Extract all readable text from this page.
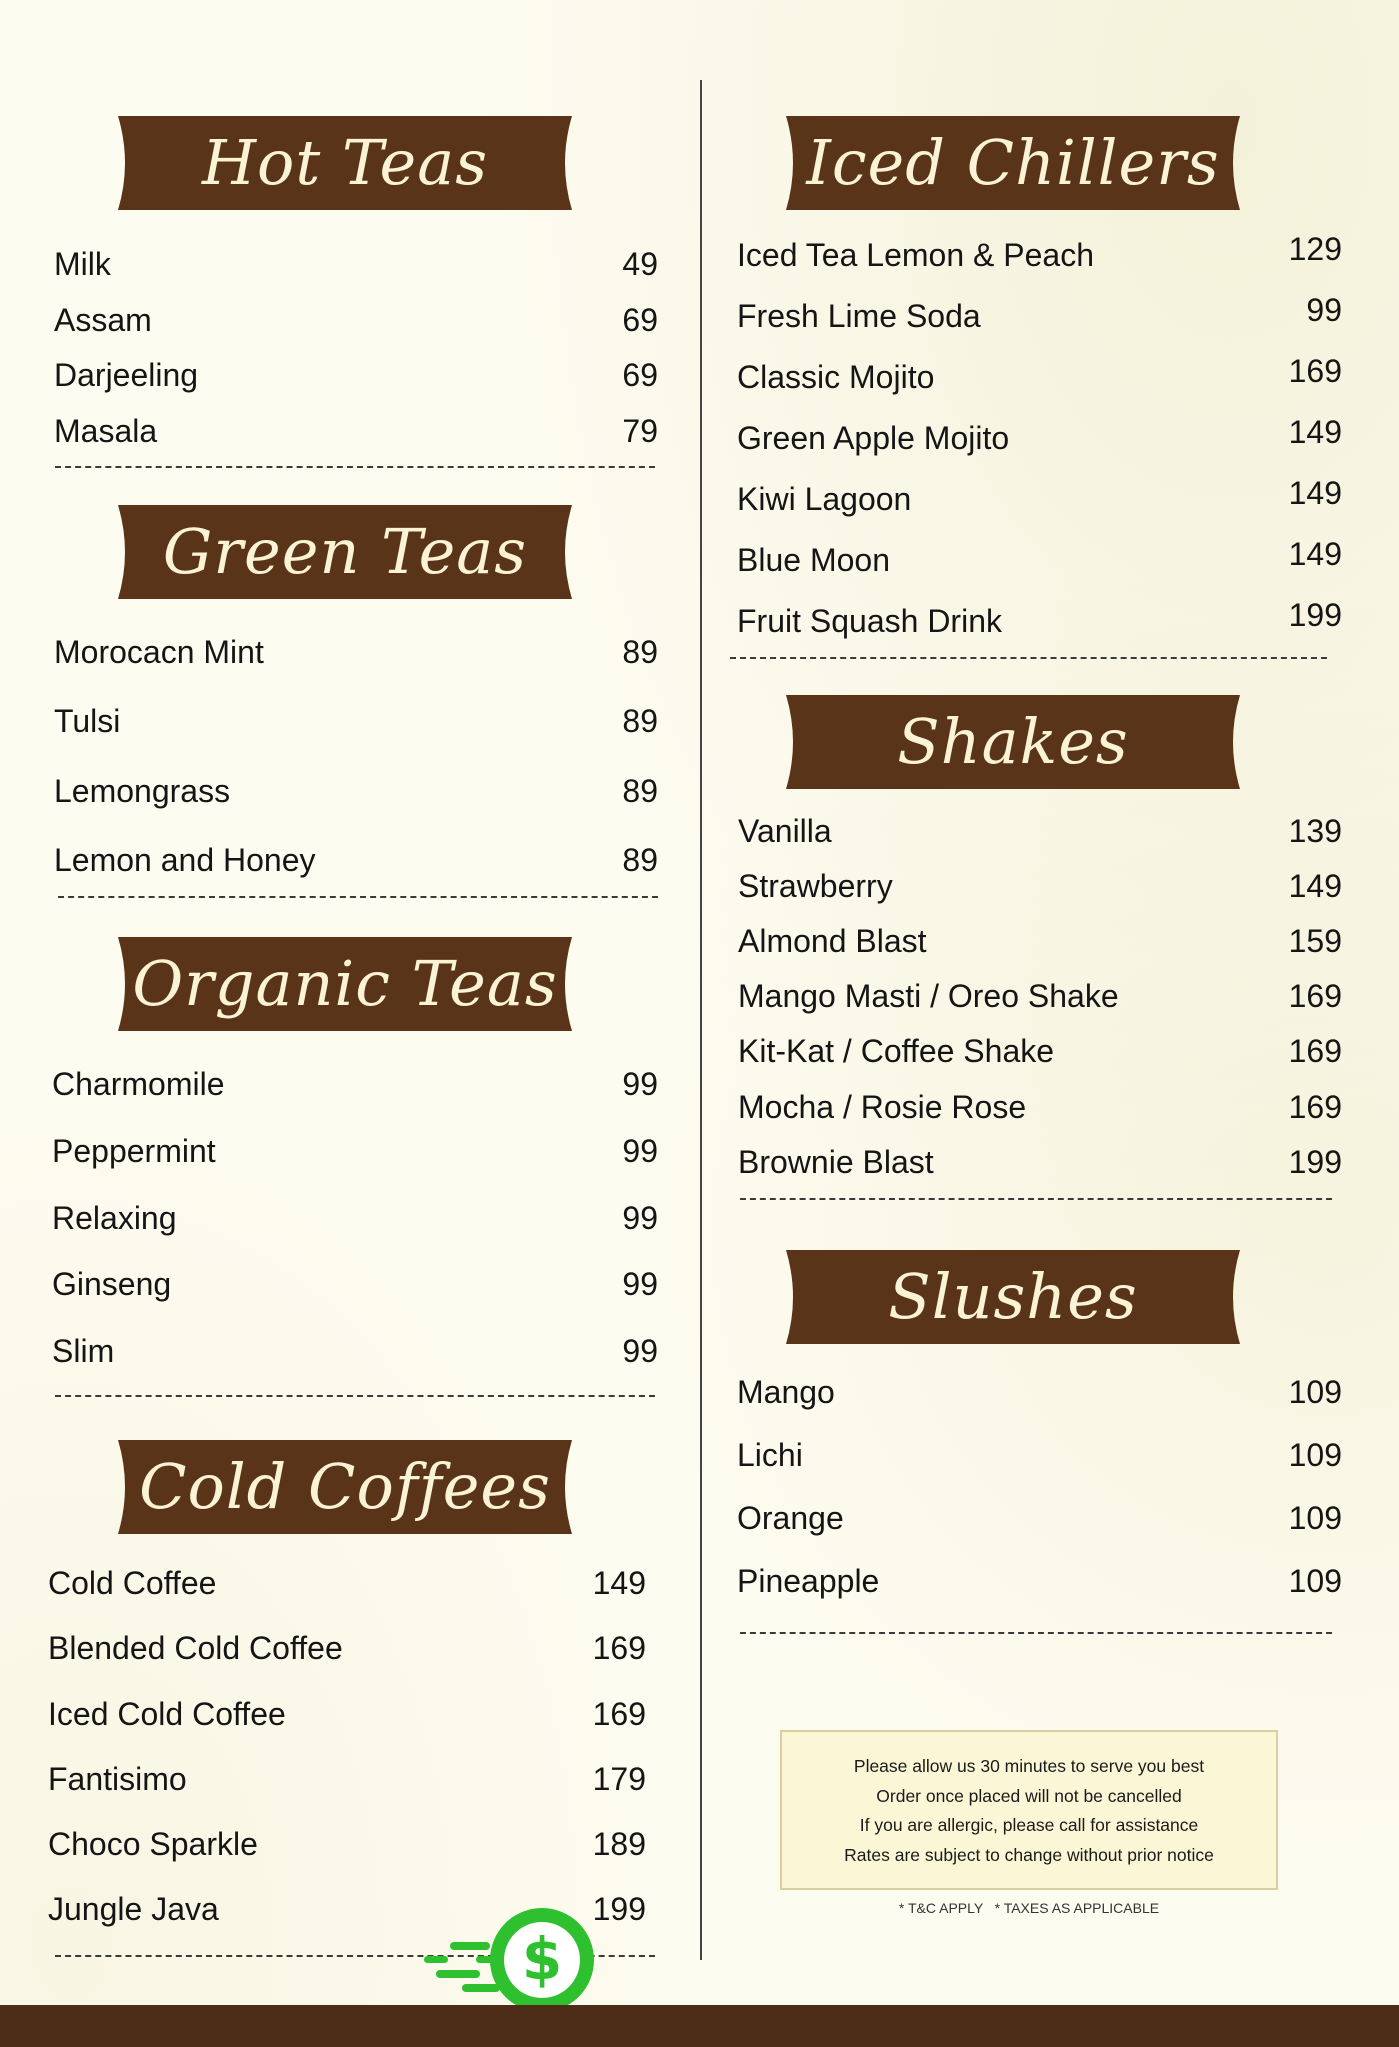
Hot Teas
Milk	49
Assam	69
Darjeeling	69
Masala	79
Green Teas
Morocacn Mint	89
Tulsi	89
Lemongrass	89
Lemon and Honey	89
Organic Teas
Charmomile	99
Peppermint	99
Relaxing	99
Ginseng	99
Slim	99
Cold Coffees
Cold Coffee	149
Blended Cold Coffee	169
Iced Cold Coffee	169
Fantisimo	179
Choco Sparkle	189
Jungle Java	199
Iced Chillers
Iced Tea Lemon & Peach	129
Fresh Lime Soda	99
Classic Mojito	169
Green Apple Mojito	149
Kiwi Lagoon	149
Blue Moon	149
Fruit Squash Drink	199
Shakes
Vanilla	139
Strawberry	149
Almond Blast	159
Mango Masti / Oreo Shake	169
Kit-Kat / Coffee Shake	169
Mocha / Rosie Rose	169
Brownie Blast	199
Slushes
Mango	109
Lichi	109
Orange	109
Pineapple	109
Please allow us 30 minutes to serve you best
Order once placed will not be cancelled
If you are allergic, please call for assistance
Rates are subject to change without prior notice
* T&C APPLY   * TAXES AS APPLICABLE
$
